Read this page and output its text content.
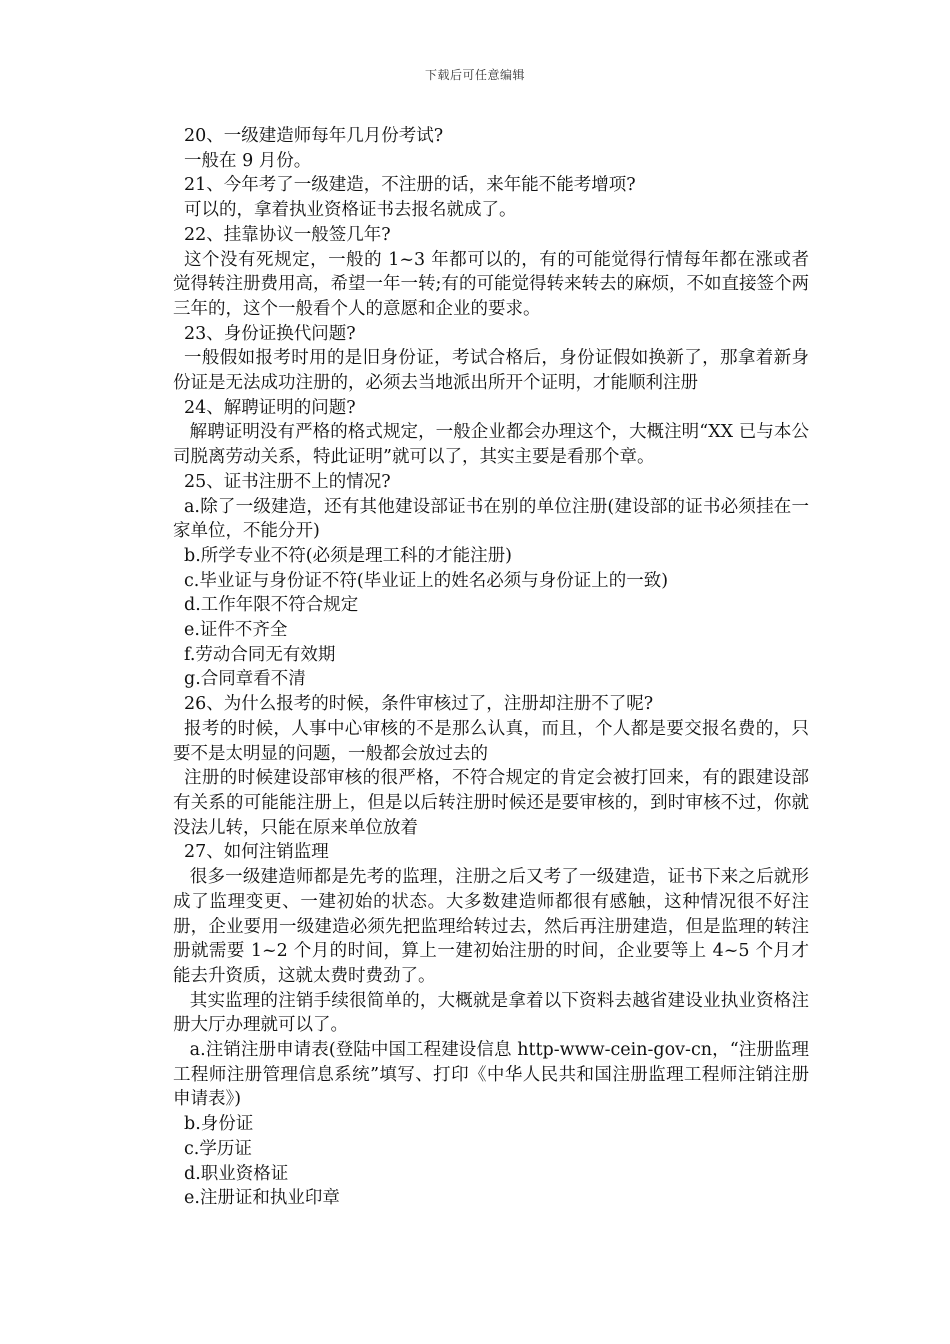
下载后可任意编辑

20、一级建造师每年几月份考试?

一般在 9 月份。

21、今年考了一级建造，不注册的话，来年能不能考增项?

可以的，拿着执业资格证书去报名就成了。

22、挂靠协议一般签几年?

这个没有死规定，一般的 1~3 年都可以的，有的可能觉得行情每年都在涨或者觉得转注册费用高，希望一年一转;有的可能觉得转来转去的麻烦，不如直接签个两三年的，这个一般看个人的意愿和企业的要求。

23、身份证换代问题?

一般假如报考时用的是旧身份证，考试合格后，身份证假如换新了，那拿着新身份证是无法成功注册的，必须去当地派出所开个证明，才能顺利注册

24、解聘证明的问题?

解聘证明没有严格的格式规定，一般企业都会办理这个，大概注明“XX 已与本公司脱离劳动关系，特此证明”就可以了，其实主要是看那个章。

25、证书注册不上的情况?

a.除了一级建造，还有其他建设部证书在别的单位注册(建设部的证书必须挂在一家单位，不能分开)

b.所学专业不符(必须是理工科的才能注册)

c.毕业证与身份证不符(毕业证上的姓名必须与身份证上的一致)

d.工作年限不符合规定

e.证件不齐全

f.劳动合同无有效期

g.合同章看不清

26、为什么报考的时候，条件审核过了，注册却注册不了呢?

报考的时候，人事中心审核的不是那么认真，而且，个人都是要交报名费的，只要不是太明显的问题，一般都会放过去的

注册的时候建设部审核的很严格，不符合规定的肯定会被打回来，有的跟建设部有关系的可能能注册上，但是以后转注册时候还是要审核的，到时审核不过，你就没法儿转，只能在原来单位放着

27、如何注销监理

很多一级建造师都是先考的监理，注册之后又考了一级建造，证书下来之后就形成了监理变更、一建初始的状态。大多数建造师都很有感触，这种情况很不好注册，企业要用一级建造必须先把监理给转过去，然后再注册建造，但是监理的转注册就需要 1~2 个月的时间，算上一建初始注册的时间，企业要等上 4~5 个月才能去升资质，这就太费时费劲了。

其实监理的注销手续很简单的，大概就是拿着以下资料去越省建设业执业资格注册大厅办理就可以了。

a.注销注册申请表(登陆中国工程建设信息 http-www-cein-gov-cn，“注册监理工程师注册管理信息系统”填写、打印《中华人民共和国注册监理工程师注销注册申请表》)

b.身份证

c.学历证

d.职业资格证

e.注册证和执业印章
